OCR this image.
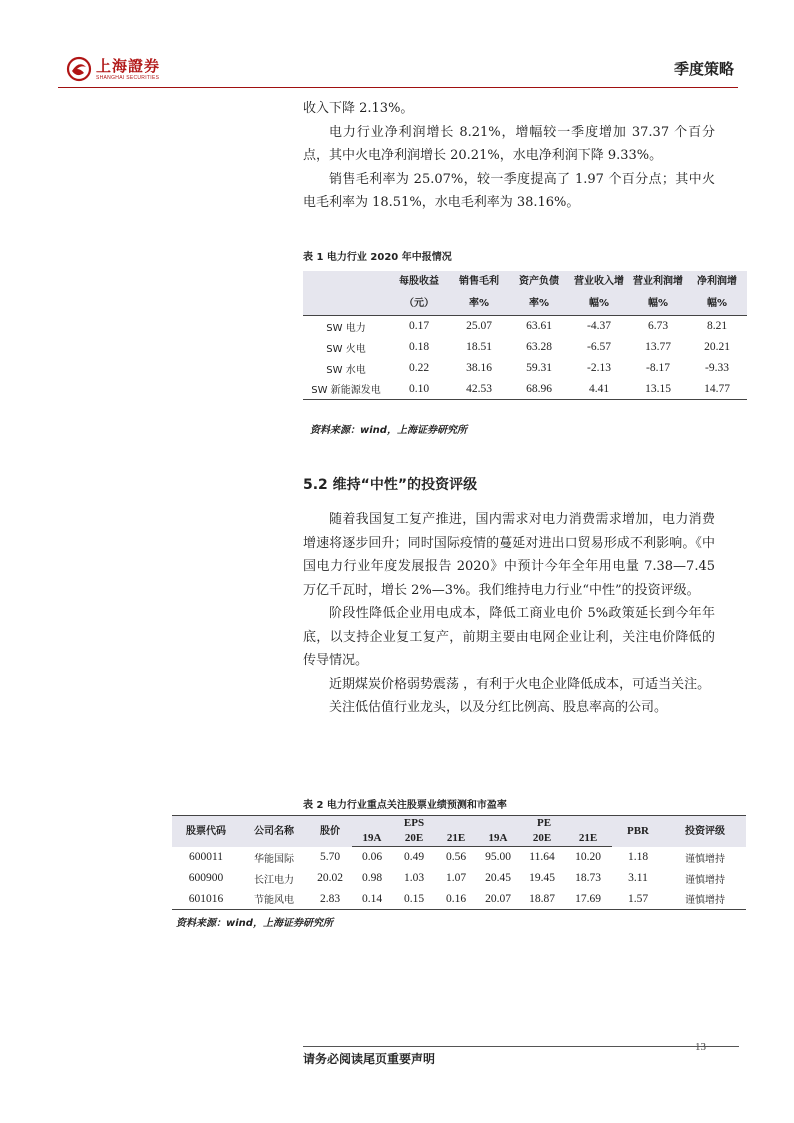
上海證券
SHANGHAI SECURITIES	季度策略

收入下降 2.13%。

电力行业净利润增长 8.21%，增幅较一季度增加 37.37 个百分点，其中火电净利润增长 20.21%，水电净利润下降 9.33%。

销售毛利率为 25.07%，较一季度提高了 1.97 个百分点；其中火电毛利率为 18.51%，水电毛利率为 38.16%。

表 1 电力行业 2020 年中报情况
	每股收益（元）	销售毛利率%	资产负债率%	营业收入增幅%	营业利润增幅%	净利润增幅%
SW 电力	0.17	25.07	63.61	-4.37	6.73	8.21
SW 火电	0.18	18.51	63.28	-6.57	13.77	20.21
SW 水电	0.22	38.16	59.31	-2.13	-8.17	-9.33
SW 新能源发电	0.10	42.53	68.96	4.41	13.15	14.77
资料来源：wind，上海证券研究所
5.2 维持“中性”的投资评级

随着我国复工复产推进，国内需求对电力消费需求增加，电力消费增速将逐步回升；同时国际疫情的蔓延对进出口贸易形成不利影响。《中国电力行业年度发展报告 2020》中预计今年全年用电量 7.38—7.45 万亿千瓦时，增长 2%—3%。我们维持电力行业“中性”的投资评级。

阶段性降低企业用电成本，降低工商业电价 5%政策延长到今年年底，以支持企业复工复产，前期主要由电网企业让利，关注电价降低的传导情况。

近期煤炭价格弱势震荡 ，有利于火电企业降低成本，可适当关注。

关注低估值行业龙头，以及分红比例高、股息率高的公司。

表 2 电力行业重点关注股票业绩预测和市盈率
股票代码	公司名称	股价	EPS			PE			PBR	投资评级
			19A	20E	21E	19A	20E	21E		
600011	华能国际	5.70	0.06	0.49	0.56	95.00	11.64	10.20	1.18	谨慎增持
600900	长江电力	20.02	0.98	1.03	1.07	20.45	19.45	18.73	3.11	谨慎增持
601016	节能风电	2.83	0.14	0.15	0.16	20.07	18.87	17.69	1.57	谨慎增持
资料来源：wind，上海证券研究所
13
请务必阅读尾页重要声明
